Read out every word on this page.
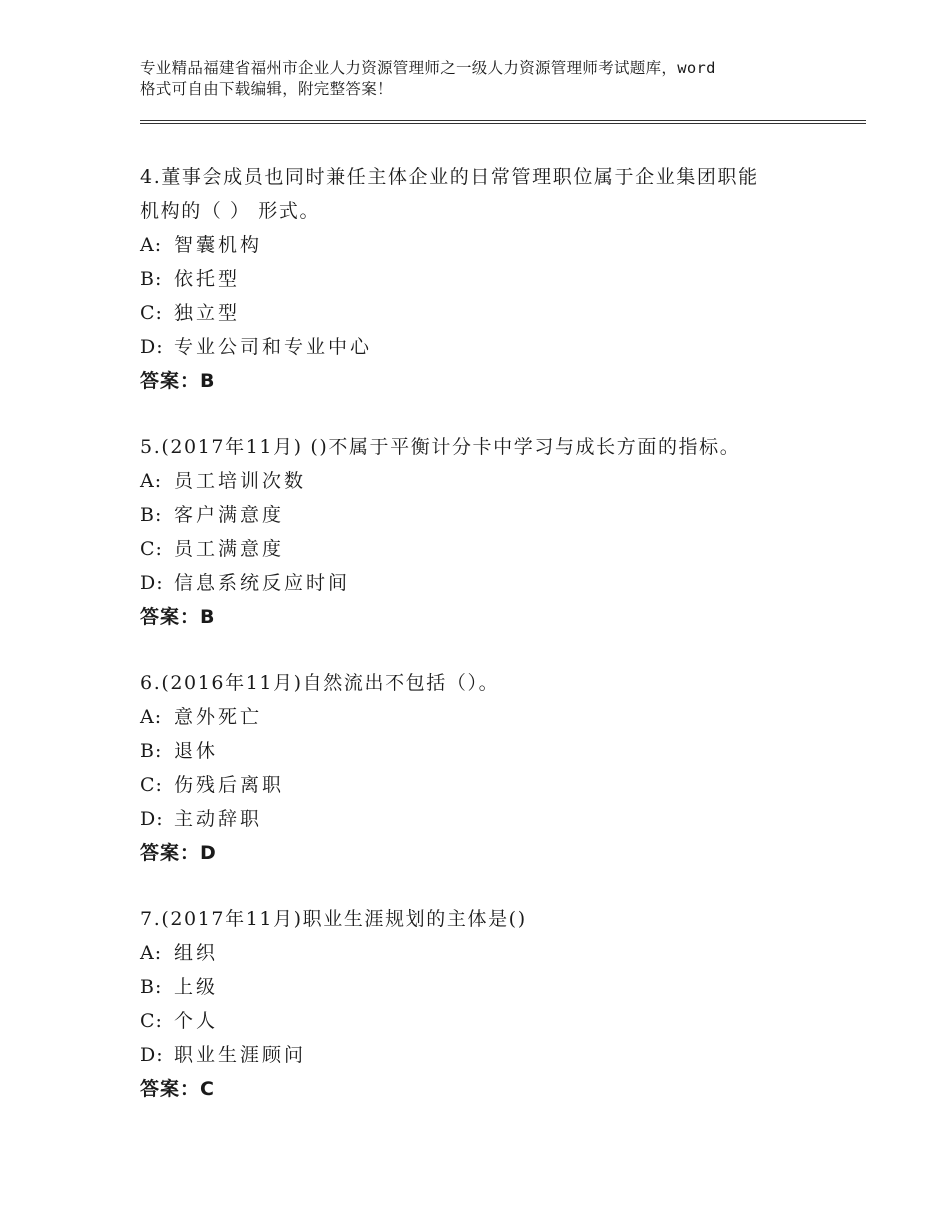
专业精品福建省福州市企业人力资源管理师之一级人力资源管理师考试题库，word
格式可自由下载编辑，附完整答案！
4.董事会成员也同时兼任主体企业的日常管理职位属于企业集团职能
机构的（ ） 形式。
A: 智囊机构
B: 依托型
C: 独立型
D: 专业公司和专业中心
答案：B
5.(2017年11月) ()不属于平衡计分卡中学习与成长方面的指标。
A: 员工培训次数
B: 客户满意度
C: 员工满意度
D: 信息系统反应时间
答案：B
6.(2016年11月)自然流出不包括（）。
A: 意外死亡
B: 退休
C: 伤残后离职
D: 主动辞职
答案：D
7.(2017年11月)职业生涯规划的主体是()
A: 组织
B: 上级
C: 个人
D: 职业生涯顾问
答案：C
